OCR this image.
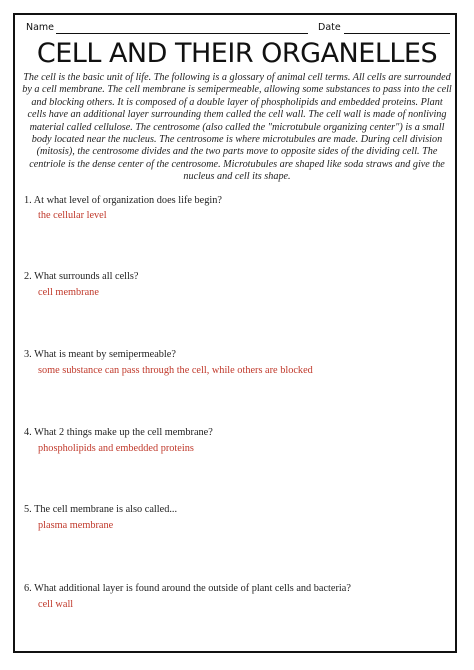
Name	Date
CELL AND THEIR ORGANELLES
The cell is the basic unit of life. The following is a glossary of animal cell terms. All cells are surrounded by a cell membrane. The cell membrane is semipermeable, allowing some substances to pass into the cell and blocking others. It is composed of a double layer of phospholipids and embedded proteins. Plant cells have an additional layer surrounding them called the cell wall. The cell wall is made of nonliving material called cellulose. The centrosome (also called the "microtubule organizing center") is a small body located near the nucleus. The centrosome is where microtubules are made. During cell division (mitosis), the centrosome divides and the two parts move to opposite sides of the dividing cell. The centriole is the dense center of the centrosome. Microtubules are shaped like soda straws and give the nucleus and cell its shape.
1. At what level of organization does life begin?
the cellular level
2. What surrounds all cells?
cell membrane
3. What is meant by semipermeable?
some substance can pass through the cell, while others are blocked
4. What 2 things make up the cell membrane?
phospholipids and embedded proteins
5. The cell membrane is also called...
plasma membrane
6. What additional layer is found around the outside of plant cells and bacteria?
cell wall
